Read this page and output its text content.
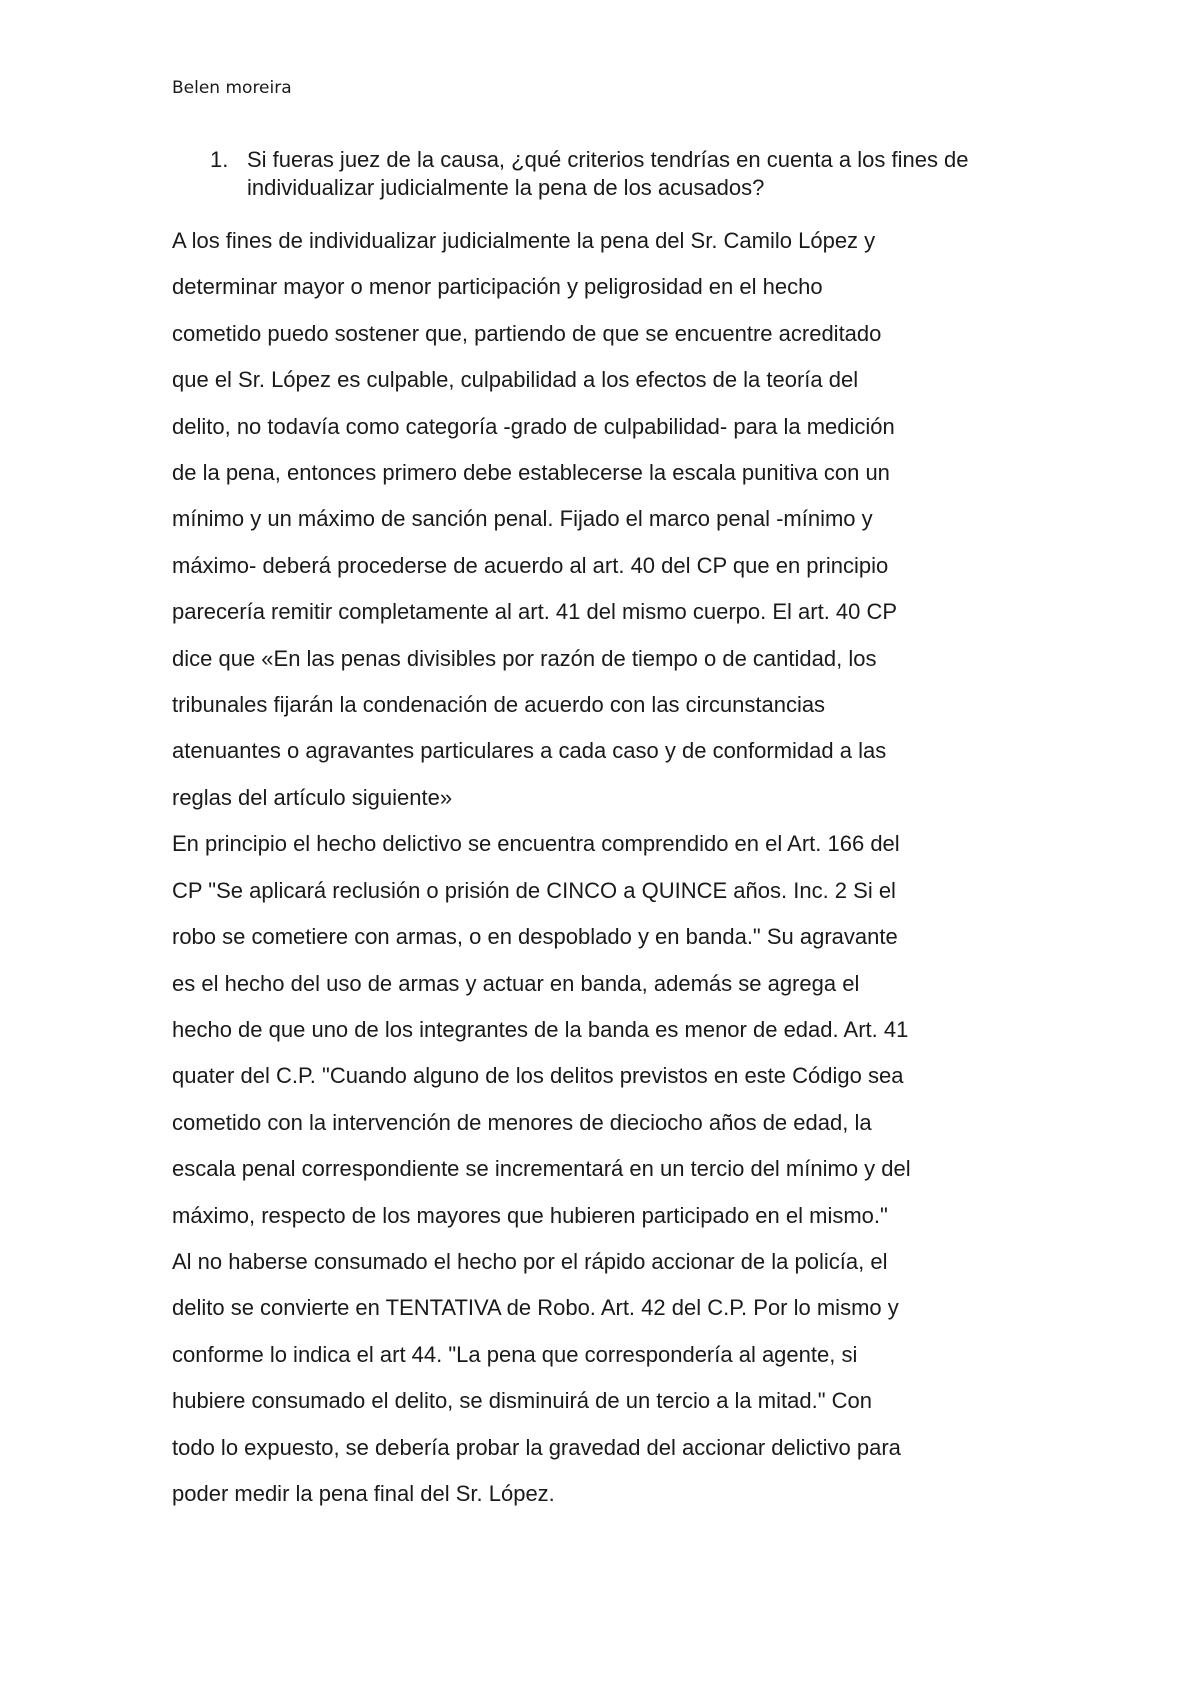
Belen moreira
1. Si fueras juez de la causa, ¿qué criterios tendrías en cuenta a los fines de individualizar judicialmente la pena de los acusados?
A los fines de individualizar judicialmente la pena del Sr. Camilo López y
determinar mayor o menor participación y peligrosidad en el hecho
cometido puedo sostener que, partiendo de que se encuentre acreditado
que el Sr. López es culpable, culpabilidad a los efectos de la teoría del
delito, no todavía como categoría -grado de culpabilidad- para la medición
de la pena, entonces primero debe establecerse la escala punitiva con un
mínimo y un máximo de sanción penal. Fijado el marco penal -mínimo y
máximo- deberá procederse de acuerdo al art. 40 del CP que en principio
parecería remitir completamente al art. 41 del mismo cuerpo. El art. 40 CP
dice que «En las penas divisibles por razón de tiempo o de cantidad, los
tribunales fijarán la condenación de acuerdo con las circunstancias
atenuantes o agravantes particulares a cada caso y de conformidad a las
reglas del artículo siguiente»
En principio el hecho delictivo se encuentra comprendido en el Art. 166 del
CP "Se aplicará reclusión o prisión de CINCO a QUINCE años. Inc. 2 Si el
robo se cometiere con armas, o en despoblado y en banda." Su agravante
es el hecho del uso de armas y actuar en banda, además se agrega el
hecho de que uno de los integrantes de la banda es menor de edad. Art. 41
quater del C.P. "Cuando alguno de los delitos previstos en este Código sea
cometido con la intervención de menores de dieciocho años de edad, la
escala penal correspondiente se incrementará en un tercio del mínimo y del
máximo, respecto de los mayores que hubieren participado en el mismo."
Al no haberse consumado el hecho por el rápido accionar de la policía, el
delito se convierte en TENTATIVA de Robo. Art. 42 del C.P. Por lo mismo y
conforme lo indica el art 44. "La pena que correspondería al agente, si
hubiere consumado el delito, se disminuirá de un tercio a la mitad." Con
todo lo expuesto, se debería probar la gravedad del accionar delictivo para
poder medir la pena final del Sr. López.
